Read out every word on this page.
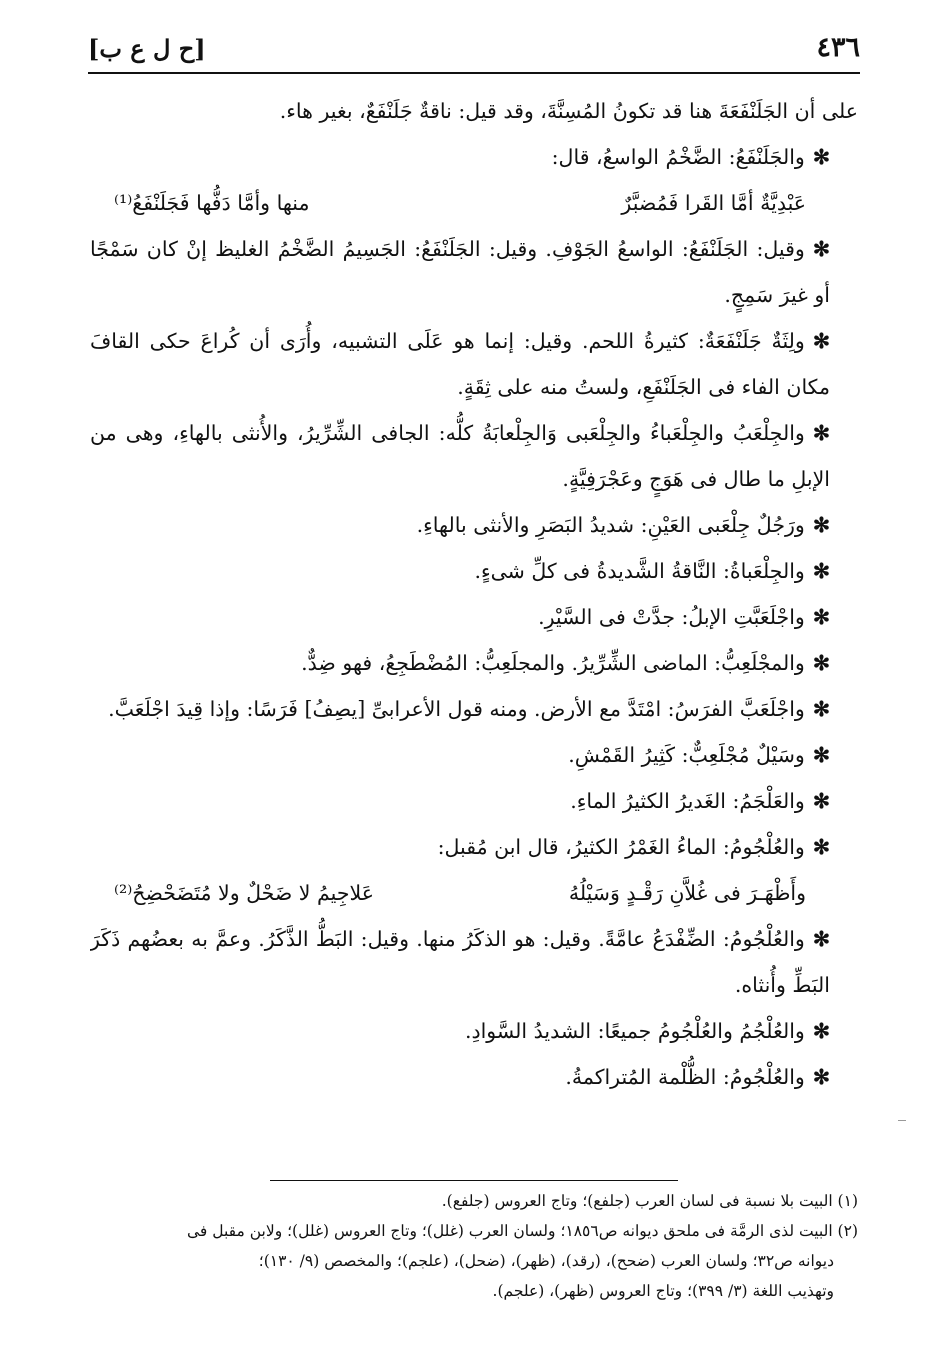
٤٣٦
[ح ل ع ب]

على أن الجَلَنْفَعَةَ هنا قد تكونُ المُسِنَّةَ، وقد قيل: ناقةٌ جَلَنْفَعٌ، بغير هاء.

✻والجَلَنْفَعُ: الضَّخْمُ الواسعُ، قال:

عَبْدِيَّةٌ أمَّا القَرا فَمُضبَّرٌ
منها وأمَّا دَفُّها فَجَلَنْفَعُ⁽¹⁾

✻وقيل: الجَلَنْفَعُ: الواسعُ الجَوْفِ. وقيل: الجَلَنْفَعُ: الجَسِيمُ الضَّخْمُ الغليظ إنْ كان سَمْجًا أو غيرَ سَمِجٍ.

✻ولِثَةٌ جَلَنْفَعَةٌ: كثيرةُ اللحم. وقيل: إنما هو عَلَى التشبيه، وأُرَى أن كُراعَ حكى القافَ مكان الفاء فى الجَلَنْفَعِ، ولستُ منه على ثِقَةٍ.

✻والجِلْعَبُ والجِلْعَباءُ والجِلْعَبى وَالجِلْعابَةُ كلُّه: الجافى الشِّرِّيرُ، والأُنثى بالهاءِ، وهى من الإبلِ ما طال فى هَوَجٍ وعَجْرَفِيَّةٍ.

✻ورَجُلٌ جِلْعَبى العَيْنِ: شديدُ البَصَرِ والأنثى بالهاءِ.

✻والجِلْعَباةُ: النَّاقةُ الشَّديدةُ فى كلِّ شىءٍ.

✻واجْلَعَبَّتِ الإبلُ: جدَّتْ فى السَّيْرِ.

✻والمجْلَعِبُّ: الماضى الشِّرِّيرُ. والمجلَعِبُّ: المُضْطَجِعُ، فهو ضِدٌّ.

✻واجْلَعَبَّ الفرَسُ: امْتَدَّ مع الأرض. ومنه قول الأعرابىِّ [يصِفُ] فَرَسًا: وإذا قِيدَ اجْلَعَبَّ.

✻وسَيْلٌ مُجْلَعِبٌّ: كَثِيرُ القَمْشِ.

✻والعَلْجَمُ: الغَديرُ الكثيرُ الماءِ.

✻والعُلْجُومُ: الماءُ الغَمْرُ الكثيرُ، قال ابن مُقبل:

وأَظْهَـرَ فى غُلاَّنِ رَقْـدٍ وَسَيْلُهُ
عَلاجِيمُ لا ضَحْلٌ ولا مُتَضَحْضِحُ⁽²⁾

✻والعُلْجُومُ: الضِّفْدَعُ عامَّةً. وقيل: هو الذكَرُ منها. وقيل: البَطُّ الذَّكَرُ. وعمَّ به بعضُهم ذَكَرَ البَطِّ وأُنثاه.

✻والعُلْجُمُ والعُلْجُومُ جميعًا: الشديدُ السَّوادِ.

✻والعُلْجُومُ: الظُّلْمة المُتراكمةُ.

(١) البيت بلا نسبة فى لسان العرب (جلفع)؛ وتاج العروس (جلفع).

(٢) البيت لذى الرمَّة فى ملحق ديوانه ص١٨٥٦؛ ولسان العرب (غلل)؛ وتاج العروس (غلل)؛ ولابن مقبل فى

ديوانه ص٣٢؛ ولسان العرب (ضحح)، (رقد)، (ظهر)، (ضحل)، (علجم)؛ والمخصص (٩/ ١٣٠)؛

وتهذيب اللغة (٣/ ٣٩٩)؛ وتاج العروس (ظهر)، (علجم).
